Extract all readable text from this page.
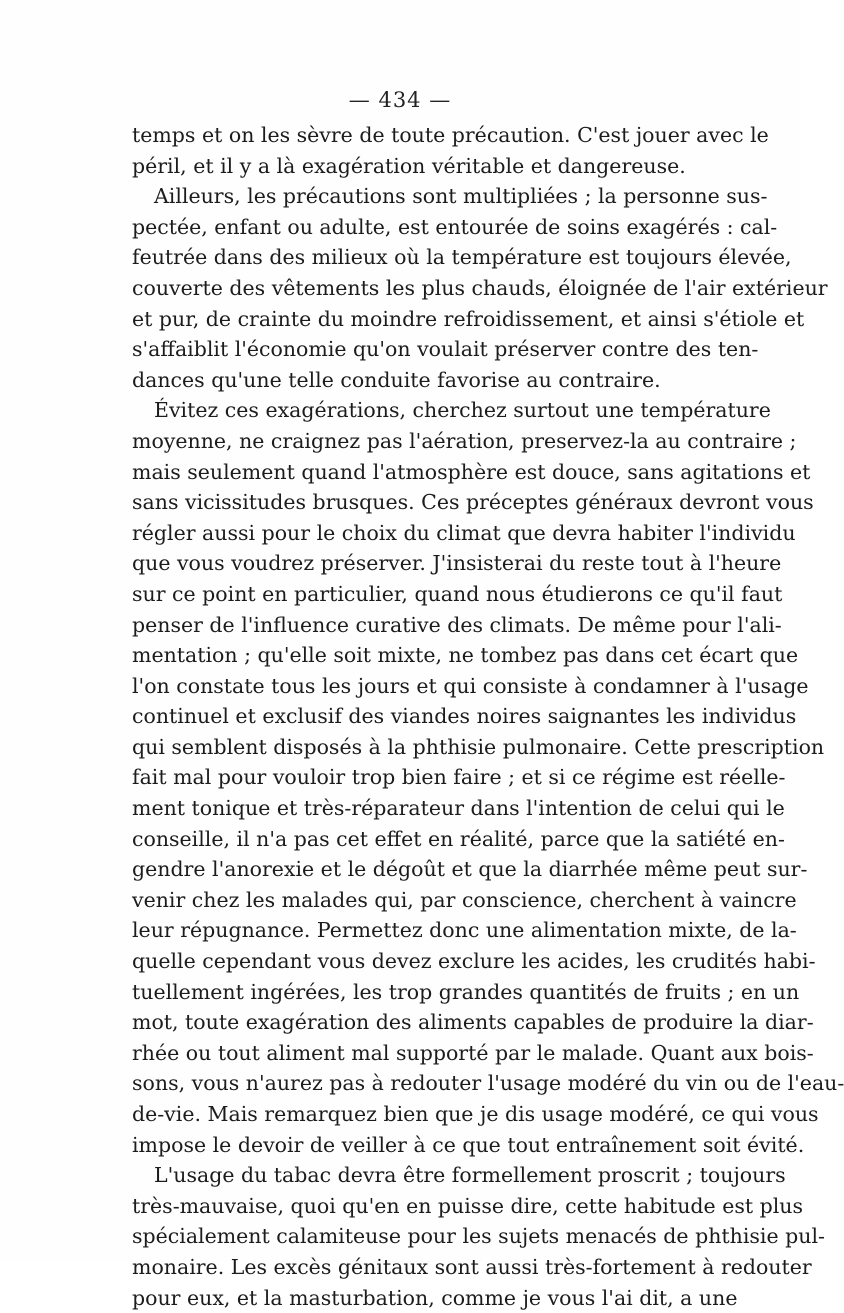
— 434 —
temps et on les sèvre de toute précaution. C'est jouer avec le
péril, et il y a là exagération véritable et dangereuse.
Ailleurs, les précautions sont multipliées ; la personne sus-
pectée, enfant ou adulte, est entourée de soins exagérés : cal-
feutrée dans des milieux où la température est toujours élevée,
couverte des vêtements les plus chauds, éloignée de l'air extérieur
et pur, de crainte du moindre refroidissement, et ainsi s'étiole et
s'affaiblit l'économie qu'on voulait préserver contre des ten-
dances qu'une telle conduite favorise au contraire.
Évitez ces exagérations, cherchez surtout une température
moyenne, ne craignez pas l'aération, preservez-la au contraire ;
mais seulement quand l'atmosphère est douce, sans agitations et
sans vicissitudes brusques. Ces préceptes généraux devront vous
régler aussi pour le choix du climat que devra habiter l'individu
que vous voudrez préserver. J'insisterai du reste tout à l'heure
sur ce point en particulier, quand nous étudierons ce qu'il faut
penser de l'influence curative des climats. De même pour l'ali-
mentation ; qu'elle soit mixte, ne tombez pas dans cet écart que
l'on constate tous les jours et qui consiste à condamner à l'usage
continuel et exclusif des viandes noires saignantes les individus
qui semblent disposés à la phthisie pulmonaire. Cette prescription
fait mal pour vouloir trop bien faire ; et si ce régime est réelle-
ment tonique et très-réparateur dans l'intention de celui qui le
conseille, il n'a pas cet effet en réalité, parce que la satiété en-
gendre l'anorexie et le dégoût et que la diarrhée même peut sur-
venir chez les malades qui, par conscience, cherchent à vaincre
leur répugnance. Permettez donc une alimentation mixte, de la-
quelle cependant vous devez exclure les acides, les crudités habi-
tuellement ingérées, les trop grandes quantités de fruits ; en un
mot, toute exagération des aliments capables de produire la diar-
rhée ou tout aliment mal supporté par le malade. Quant aux bois-
sons, vous n'aurez pas à redouter l'usage modéré du vin ou de l'eau-
de-vie. Mais remarquez bien que je dis usage modéré, ce qui vous
impose le devoir de veiller à ce que tout entraînement soit évité.
L'usage du tabac devra être formellement proscrit ; toujours
très-mauvaise, quoi qu'en en puisse dire, cette habitude est plus
spécialement calamiteuse pour les sujets menacés de phthisie pul-
monaire. Les excès génitaux sont aussi très-fortement à redouter
pour eux, et la masturbation, comme je vous l'ai dit, a une
